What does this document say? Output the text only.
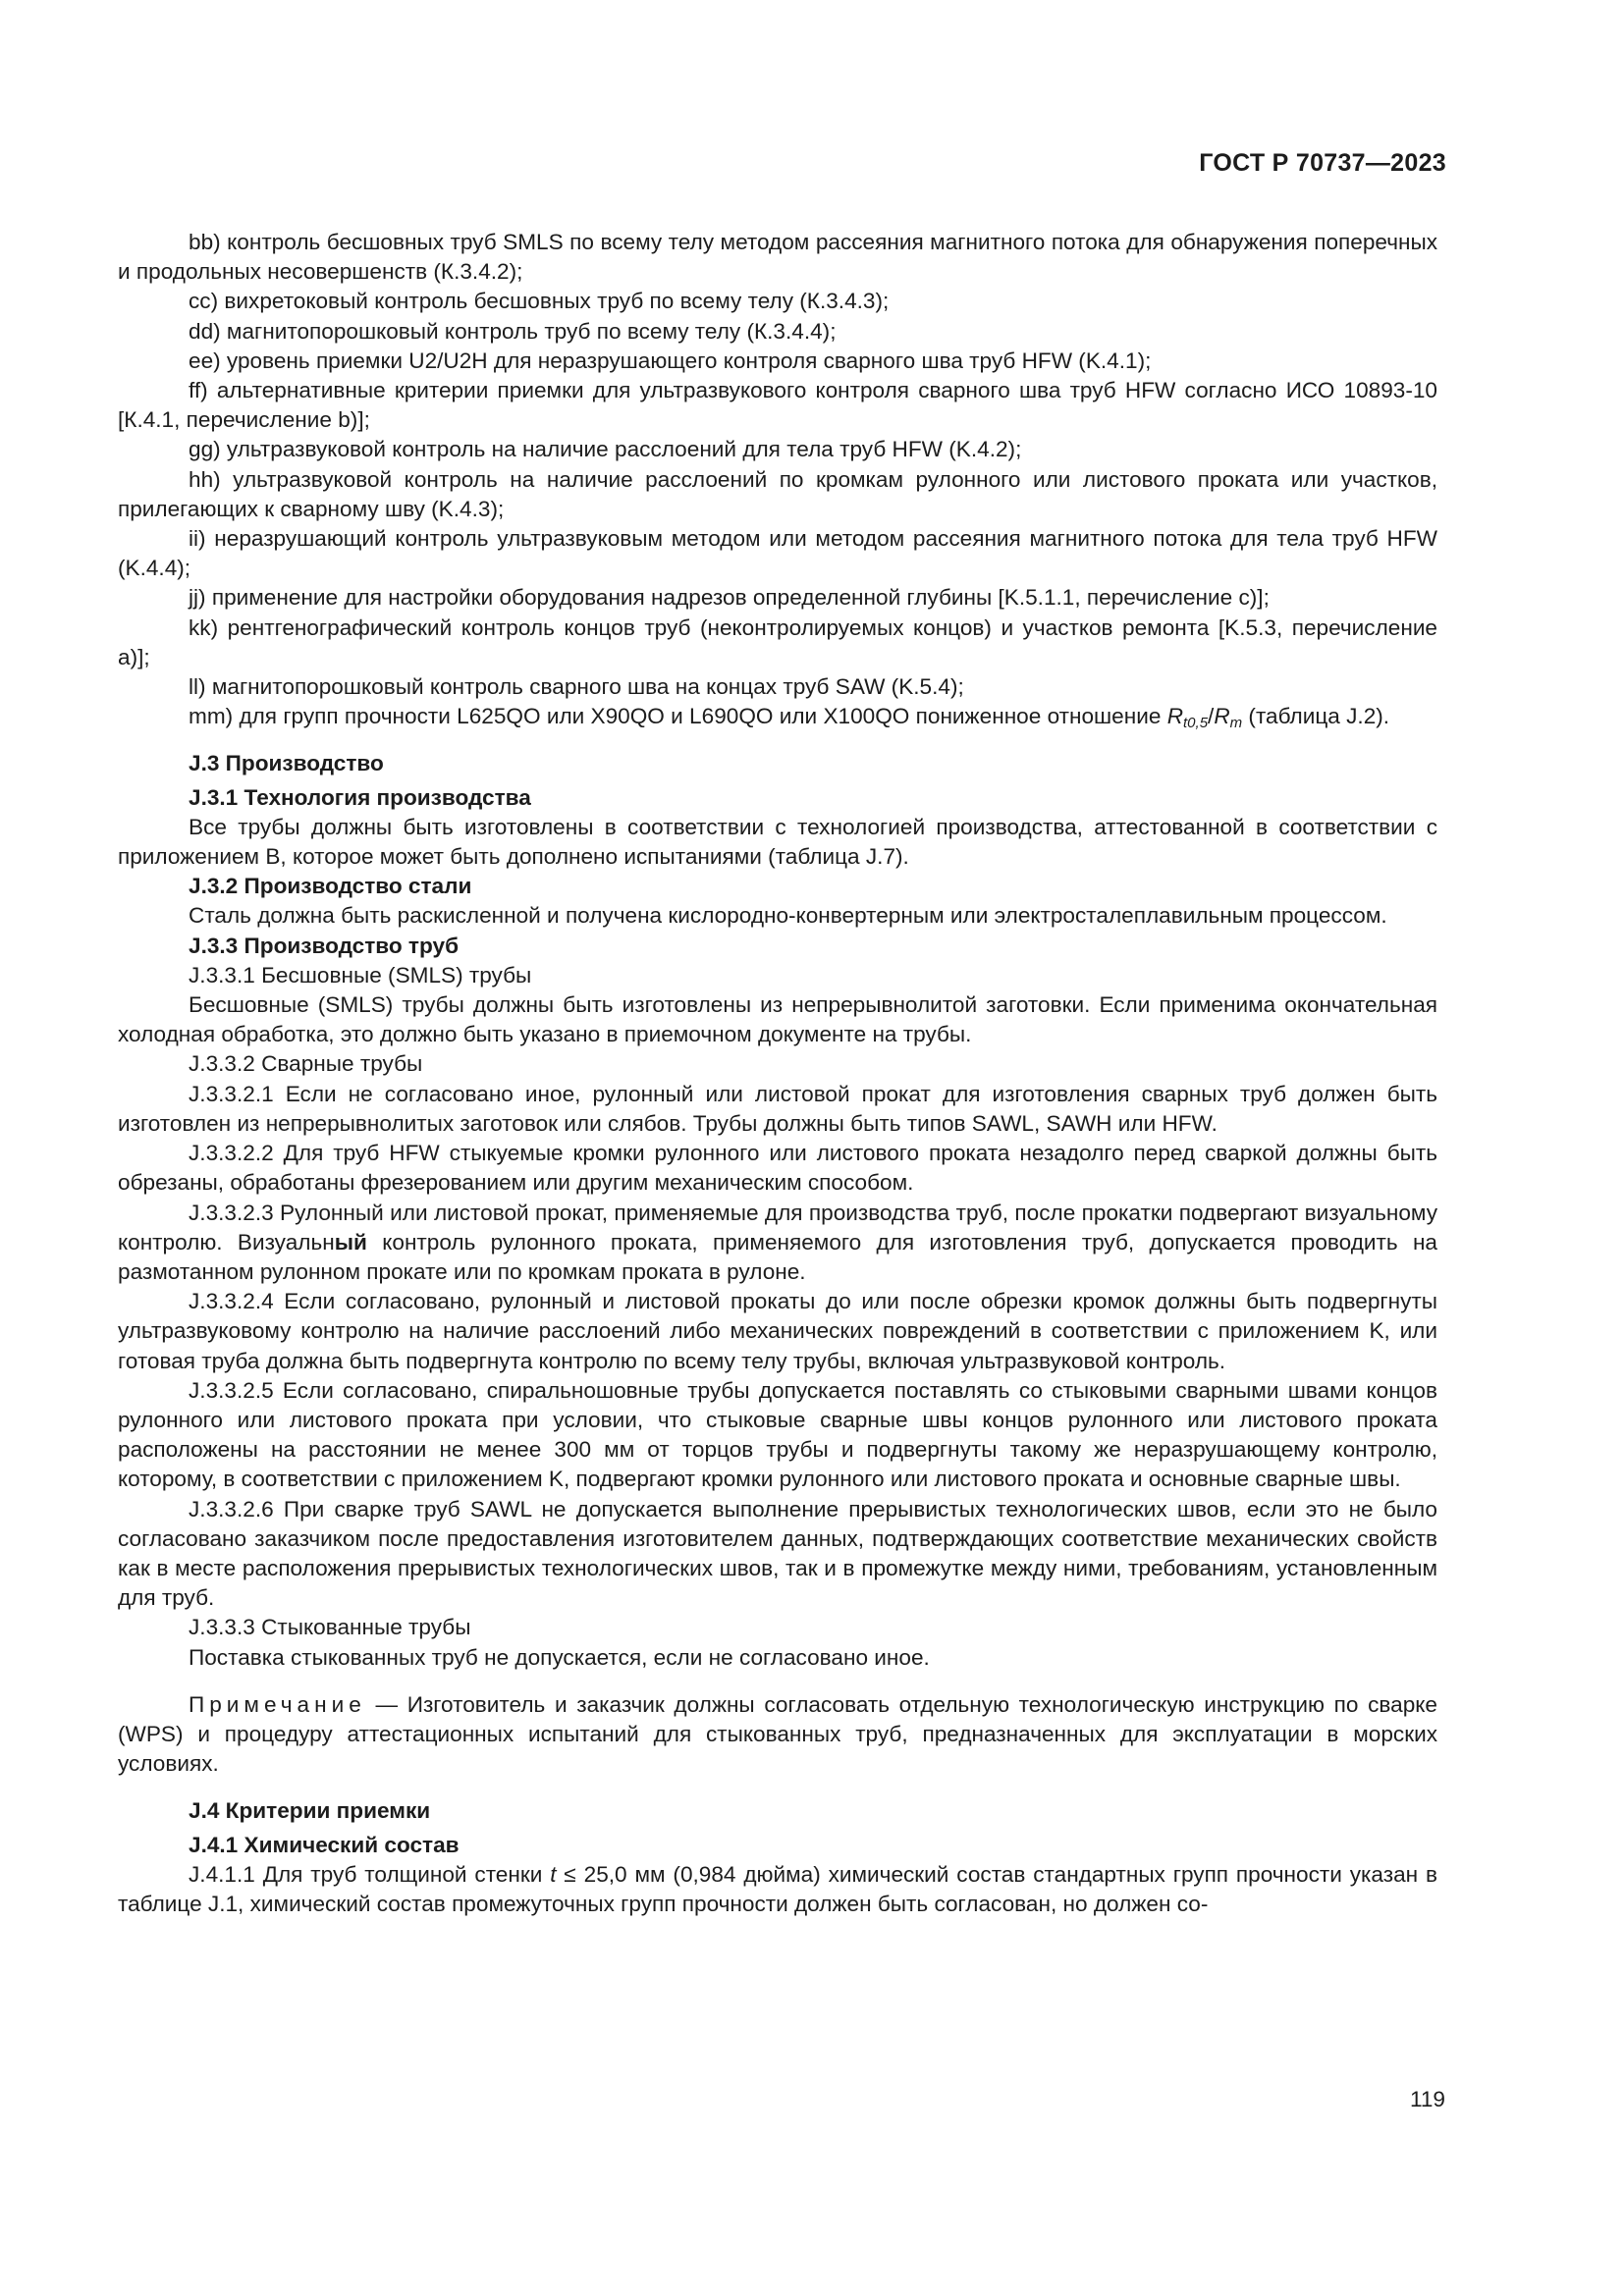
ГОСТ Р 70737—2023

bb) контроль бесшовных труб SMLS по всему телу методом рассеяния магнитного потока для обнаружения поперечных и продольных несовершенств (К.3.4.2);

cc) вихретоковый контроль бесшовных труб по всему телу (К.3.4.3);

dd) магнитопорошковый контроль труб по всему телу (К.3.4.4);

ee) уровень приемки U2/U2H для неразрушающего контроля сварного шва труб HFW (K.4.1);

ff) альтернативные критерии приемки для ультразвукового контроля сварного шва труб HFW согласно ИСО 10893-10 [К.4.1, перечисление b)];

gg) ультразвуковой контроль на наличие расслоений для тела труб HFW (K.4.2);

hh) ультразвуковой контроль на наличие расслоений по кромкам рулонного или листового проката или участков, прилегающих к сварному шву (K.4.3);

ii) неразрушающий контроль ультразвуковым методом или методом рассеяния магнитного потока для тела труб HFW (K.4.4);

jj) применение для настройки оборудования надрезов определенной глубины [K.5.1.1, перечисление с)];

kk) рентгенографический контроль концов труб (неконтролируемых концов) и участков ремонта [K.5.3, перечисление а)];

ll) магнитопорошковый контроль сварного шва на концах труб SAW (K.5.4);

mm) для групп прочности L625QO или X90QO и L690QO или X100QO пониженное отношение $R_{t0,5}/R_m$ (таблица J.2).

J.3 Производство

J.3.1 Технология производства

Все трубы должны быть изготовлены в соответствии с технологией производства, аттестованной в соответствии с приложением В, которое может быть дополнено испытаниями (таблица J.7).

J.3.2 Производство стали

Сталь должна быть раскисленной и получена кислородно-конвертерным или электросталеплавильным процессом.

J.3.3 Производство труб

J.3.3.1 Бесшовные (SMLS) трубы

Бесшовные (SMLS) трубы должны быть изготовлены из непрерывнолитой заготовки. Если применима окончательная холодная обработка, это должно быть указано в приемочном документе на трубы.

J.3.3.2 Сварные трубы

J.3.3.2.1 Если не согласовано иное, рулонный или листовой прокат для изготовления сварных труб должен быть изготовлен из непрерывнолитых заготовок или слябов. Трубы должны быть типов SAWL, SAWH или HFW.

J.3.3.2.2 Для труб HFW стыкуемые кромки рулонного или листового проката незадолго перед сваркой должны быть обрезаны, обработаны фрезерованием или другим механическим способом.

J.3.3.2.3 Рулонный или листовой прокат, применяемые для производства труб, после прокатки подвергают визуальному контролю. Визуальный контроль рулонного проката, применяемого для изготовления труб, допускается проводить на размотанном рулонном прокате или по кромкам проката в рулоне.

J.3.3.2.4 Если согласовано, рулонный и листовой прокаты до или после обрезки кромок должны быть подвергнуты ультразвуковому контролю на наличие расслоений либо механических повреждений в соответствии с приложением K, или готовая труба должна быть подвергнута контролю по всему телу трубы, включая ультразвуковой контроль.

J.3.3.2.5 Если согласовано, спиральношовные трубы допускается поставлять со стыковыми сварными швами концов рулонного или листового проката при условии, что стыковые сварные швы концов рулонного или листового проката расположены на расстоянии не менее 300 мм от торцов трубы и подвергнуты такому же неразрушающему контролю, которому, в соответствии с приложением K, подвергают кромки рулонного или листового проката и основные сварные швы.

J.3.3.2.6 При сварке труб SAWL не допускается выполнение прерывистых технологических швов, если это не было согласовано заказчиком после предоставления изготовителем данных, подтверждающих соответствие механических свойств как в месте расположения прерывистых технологических швов, так и в промежутке между ними, требованиям, установленным для труб.

J.3.3.3 Стыкованные трубы

Поставка стыкованных труб не допускается, если не согласовано иное.

Примечание — Изготовитель и заказчик должны согласовать отдельную технологическую инструкцию по сварке (WPS) и процедуру аттестационных испытаний для стыкованных труб, предназначенных для эксплуатации в морских условиях.

J.4 Критерии приемки

J.4.1 Химический состав

J.4.1.1 Для труб толщиной стенки t ≤ 25,0 мм (0,984 дюйма) химический состав стандартных групп прочности указан в таблице J.1, химический состав промежуточных групп прочности должен быть согласован, но должен со-

119
